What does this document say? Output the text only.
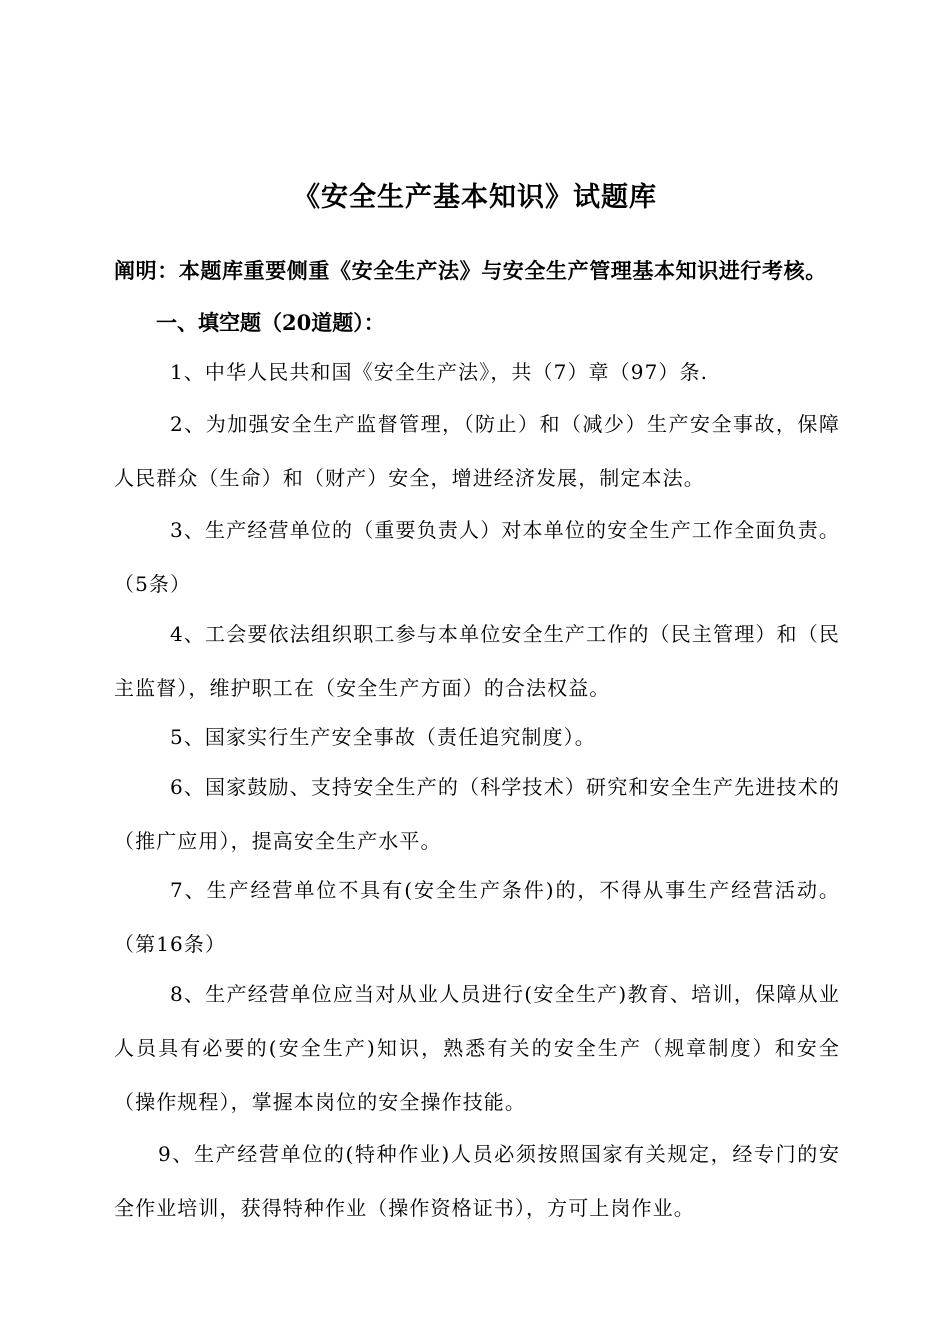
《安全生产基本知识》试题库
阐明：本题库重要侧重《安全生产法》与安全生产管理基本知识进行考核。
一、填空题（20道题）：
1、中华人民共和国《安全生产法》，共（7）章（97）条.
2、为加强安全生产监督管理，（防止）和（减少）生产安全事故，保障人民群众（生命）和（财产）安全，增进经济发展，制定本法。
3、生产经营单位的（重要负责人）对本单位的安全生产工作全面负责。（5条）
4、工会要依法组织职工参与本单位安全生产工作的（民主管理）和（民主监督），维护职工在（安全生产方面）的合法权益。
5、国家实行生产安全事故（责任追究制度）。
6、国家鼓励、支持安全生产的（科学技术）研究和安全生产先进技术的（推广应用），提高安全生产水平。
7、生产经营单位不具有(安全生产条件)的，不得从事生产经营活动。（第16条）
8、生产经营单位应当对从业人员进行(安全生产)教育、培训，保障从业人员具有必要的(安全生产)知识，熟悉有关的安全生产（规章制度）和安全（操作规程），掌握本岗位的安全操作技能。
9、生产经营单位的(特种作业)人员必须按照国家有关规定，经专门的安全作业培训，获得特种作业（操作资格证书），方可上岗作业。
